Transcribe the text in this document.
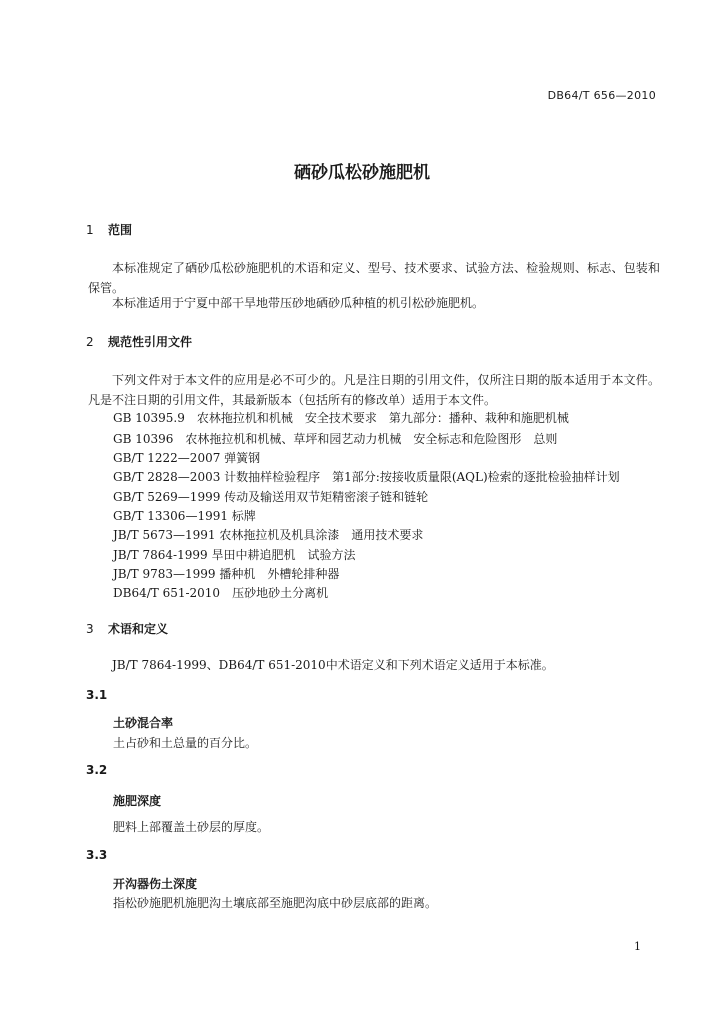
DB64/T 656—2010
硒砂瓜松砂施肥机
1 范围
本标准规定了硒砂瓜松砂施肥机的术语和定义、型号、技术要求、试验方法、检验规则、标志、包装和保管。
本标准适用于宁夏中部干旱地带压砂地硒砂瓜种植的机引松砂施肥机。
2 规范性引用文件
下列文件对于本文件的应用是必不可少的。凡是注日期的引用文件，仅所注日期的版本适用于本文件。凡是不注日期的引用文件，其最新版本（包括所有的修改单）适用于本文件。
GB 10395.9　农林拖拉机和机械　安全技术要求　第九部分：播种、栽种和施肥机械
GB 10396　农林拖拉机和机械、草坪和园艺动力机械　安全标志和危险图形　总则
GB/T 1222—2007 弹簧钢
GB/T 2828—2003 计数抽样检验程序　第1部分:按接收质量限(AQL)检索的逐批检验抽样计划
GB/T 5269—1999 传动及输送用双节矩精密滚子链和链轮
GB/T 13306—1991 标牌
JB/T 5673—1991 农林拖拉机及机具涂漆　通用技术要求
JB/T 7864-1999 旱田中耕追肥机　试验方法
JB/T 9783—1999 播种机　外槽轮排种器
DB64/T 651-2010　压砂地砂土分离机
3 术语和定义
JB/T 7864-1999、DB64/T 651-2010中术语定义和下列术语定义适用于本标准。
3.1
土砂混合率
土占砂和土总量的百分比。
3.2
施肥深度
肥料上部覆盖土砂层的厚度。
3.3
开沟器伤土深度
指松砂施肥机施肥沟土壤底部至施肥沟底中砂层底部的距离。
1
